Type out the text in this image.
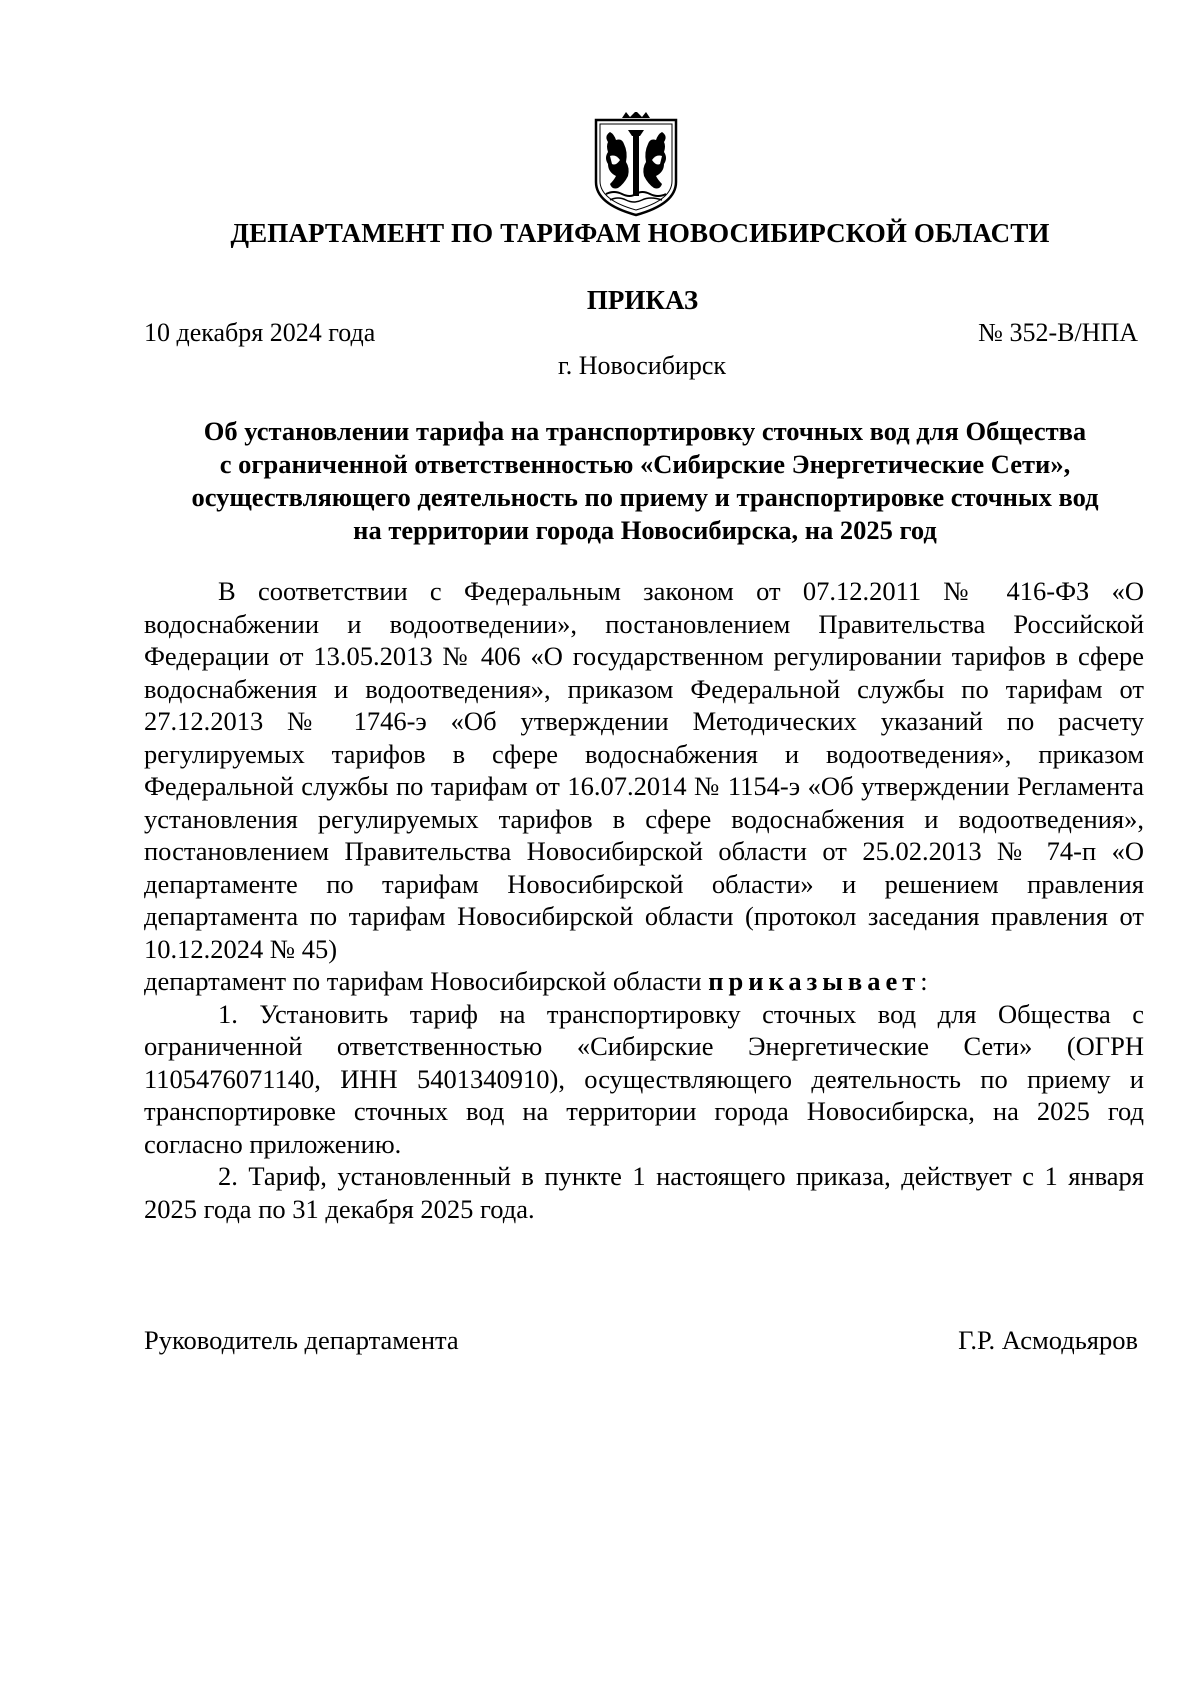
ДЕПАРТАМЕНТ ПО ТАРИФАМ НОВОСИБИРСКОЙ ОБЛАСТИ
ПРИКАЗ
10 декабря 2024 года	№ 352-В/НПА
г. Новосибирск
Об установлении тарифа на транспортировку сточных вод для Общества
с ограниченной ответственностью «Сибирские Энергетические Сети»,
осуществляющего деятельность по приему и транспортировке сточных вод
на территории города Новосибирска, на 2025 год

В соответствии с Федеральным законом от 07.12.2011 № 416-ФЗ «О водоснабжении и водоотведении», постановлением Правительства Российской Федерации от 13.05.2013 № 406 «О государственном регулировании тарифов в сфере водоснабжения и водоотведения», приказом Федеральной службы по тарифам от 27.12.2013 № 1746-э «Об утверждении Методических указаний по расчету регулируемых тарифов в сфере водоснабжения и водоотведения», приказом Федеральной службы по тарифам от 16.07.2014 № 1154-э «Об утверждении Регламента установления регулируемых тарифов в сфере водоснабжения и водоотведения», постановлением Правительства Новосибирской области от 25.02.2013 № 74-п «О департаменте по тарифам Новосибирской области» и решением правления департамента по тарифам Новосибирской области (протокол заседания правления от 10.12.2024 № 45)

департамент по тарифам Новосибирской области приказывает:

1. Установить тариф на транспортировку сточных вод для Общества с ограниченной ответственностью «Сибирские Энергетические Сети» (ОГРН 1105476071140, ИНН 5401340910), осуществляющего деятельность по приему и транспортировке сточных вод на территории города Новосибирска, на 2025 год согласно приложению.

2. Тариф, установленный в пункте 1 настоящего приказа, действует с 1 января 2025 года по 31 декабря 2025 года.

Руководитель департамента	Г.Р. Асмодьяров
